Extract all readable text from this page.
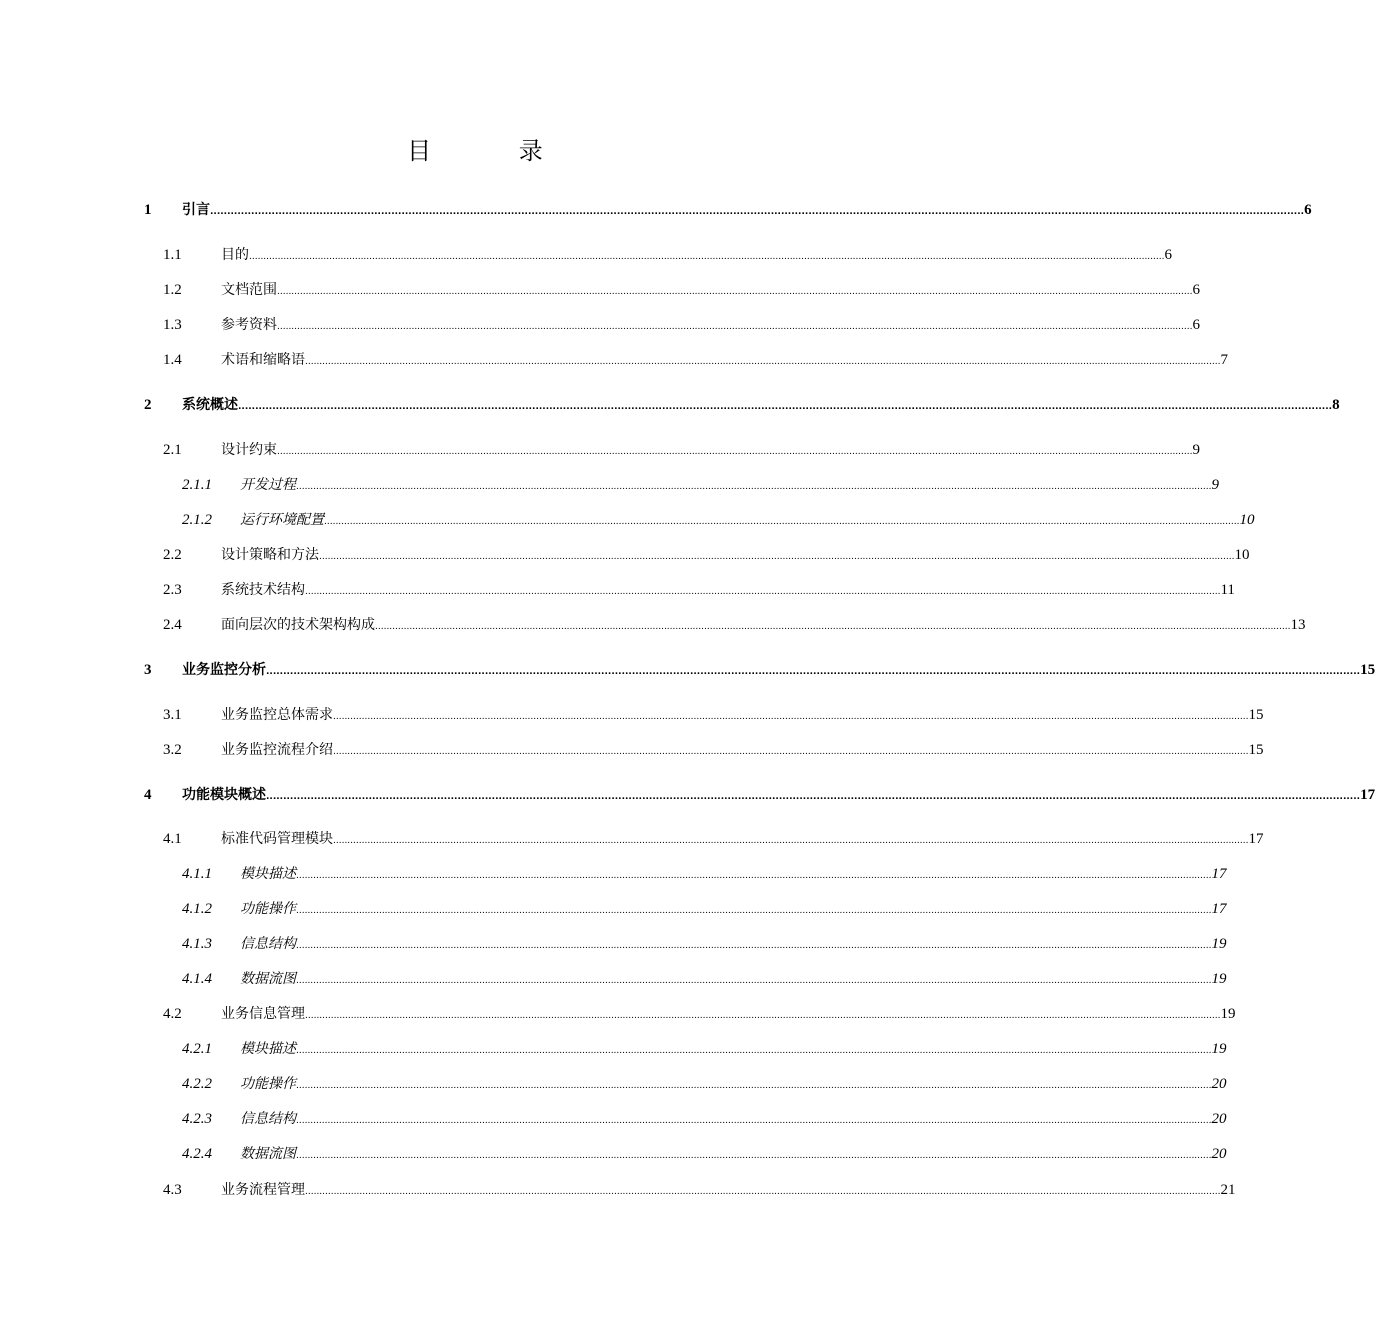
目 录
1 引言 ................................................................................................................................................................................................................................................................................................................................ 6
1.1	目的 ................................................................................................................................................................................................................................................................................................................................ 6
1.2	文档范围 ................................................................................................................................................................................................................................................................................................................................ 6
1.3	参考资料 ................................................................................................................................................................................................................................................................................................................................ 6
1.4	术语和缩略语 ................................................................................................................................................................................................................................................................................................................................ 7
2 系统概述 ................................................................................................................................................................................................................................................................................................................................ 8
2.1	设计约束 ................................................................................................................................................................................................................................................................................................................................ 9
2.1.1 开发过程 ................................................................................................................................................................................................................................................................................................................................ 9
2.1.2 运行环境配置 ................................................................................................................................................................................................................................................................................................................................ 10
2.2	设计策略和方法 ................................................................................................................................................................................................................................................................................................................................ 10
2.3	系统技术结构 ................................................................................................................................................................................................................................................................................................................................ 11
2.4	面向层次的技术架构构成 ................................................................................................................................................................................................................................................................................................................................ 13
3 业务监控分析 ................................................................................................................................................................................................................................................................................................................................ 15
3.1	业务监控总体需求 ................................................................................................................................................................................................................................................................................................................................ 15
3.2	业务监控流程介绍 ................................................................................................................................................................................................................................................................................................................................ 15
4 功能模块概述 ................................................................................................................................................................................................................................................................................................................................ 17
4.1	标准代码管理模块 ................................................................................................................................................................................................................................................................................................................................ 17
4.1.1 模块描述 ................................................................................................................................................................................................................................................................................................................................ 17
4.1.2 功能操作 ................................................................................................................................................................................................................................................................................................................................ 17
4.1.3 信息结构 ................................................................................................................................................................................................................................................................................................................................ 19
4.1.4 数据流图 ................................................................................................................................................................................................................................................................................................................................ 19
4.2	业务信息管理 ................................................................................................................................................................................................................................................................................................................................ 19
4.2.1 模块描述 ................................................................................................................................................................................................................................................................................................................................ 19
4.2.2 功能操作 ................................................................................................................................................................................................................................................................................................................................ 20
4.2.3 信息结构 ................................................................................................................................................................................................................................................................................................................................ 20
4.2.4 数据流图 ................................................................................................................................................................................................................................................................................................................................ 20
4.3	业务流程管理 ................................................................................................................................................................................................................................................................................................................................ 21
